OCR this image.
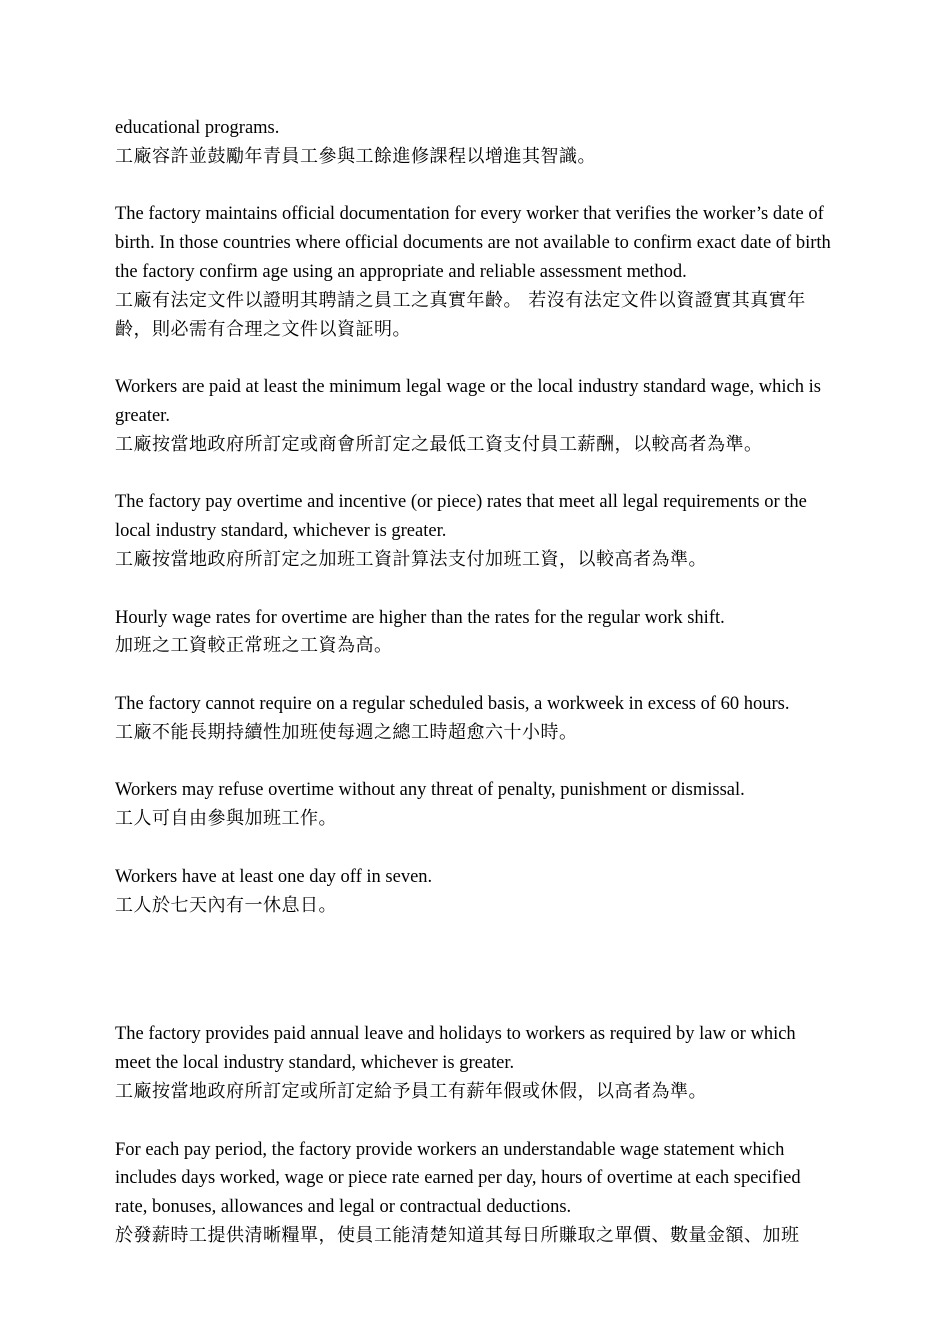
educational programs.

工廠容許並鼓勵年青員工參與工餘進修課程以增進其智識。

The factory maintains official documentation for every worker that verifies the worker’s date of birth. In those countries where official documents are not available to confirm exact date of birth the factory confirm age using an appropriate and reliable assessment method.

工廠有法定文件以證明其聘請之員工之真實年齡。 若沒有法定文件以資證實其真實年齡，則必需有合理之文件以資証明。

Workers are paid at least the minimum legal wage or the local industry standard wage, which is greater.

工廠按當地政府所訂定或商會所訂定之最低工資支付員工薪酬，以較高者為準。

The factory pay overtime and incentive (or piece) rates that meet all legal requirements or the local industry standard, whichever is greater.

工廠按當地政府所訂定之加班工資計算法支付加班工資，以較高者為準。

Hourly wage rates for overtime are higher than the rates for the regular work shift.

加班之工資較正常班之工資為高。

The factory cannot require on a regular scheduled basis, a workweek in excess of 60 hours.

工廠不能長期持續性加班使每週之總工時超愈六十小時。

Workers may refuse overtime without any threat of penalty, punishment or dismissal.

工人可自由參與加班工作。

Workers have at least one day off in seven.

工人於七天內有一休息日。

The factory provides paid annual leave and holidays to workers as required by law or which meet the local industry standard, whichever is greater.

工廠按當地政府所訂定或所訂定給予員工有薪年假或休假，以高者為準。

For each pay period, the factory provide workers an understandable wage statement which includes days worked, wage or piece rate earned per day, hours of overtime at each specified rate, bonuses, allowances and legal or contractual deductions.

於發薪時工提供清晰糧單，使員工能清楚知道其每日所賺取之單價、數量金額、加班
